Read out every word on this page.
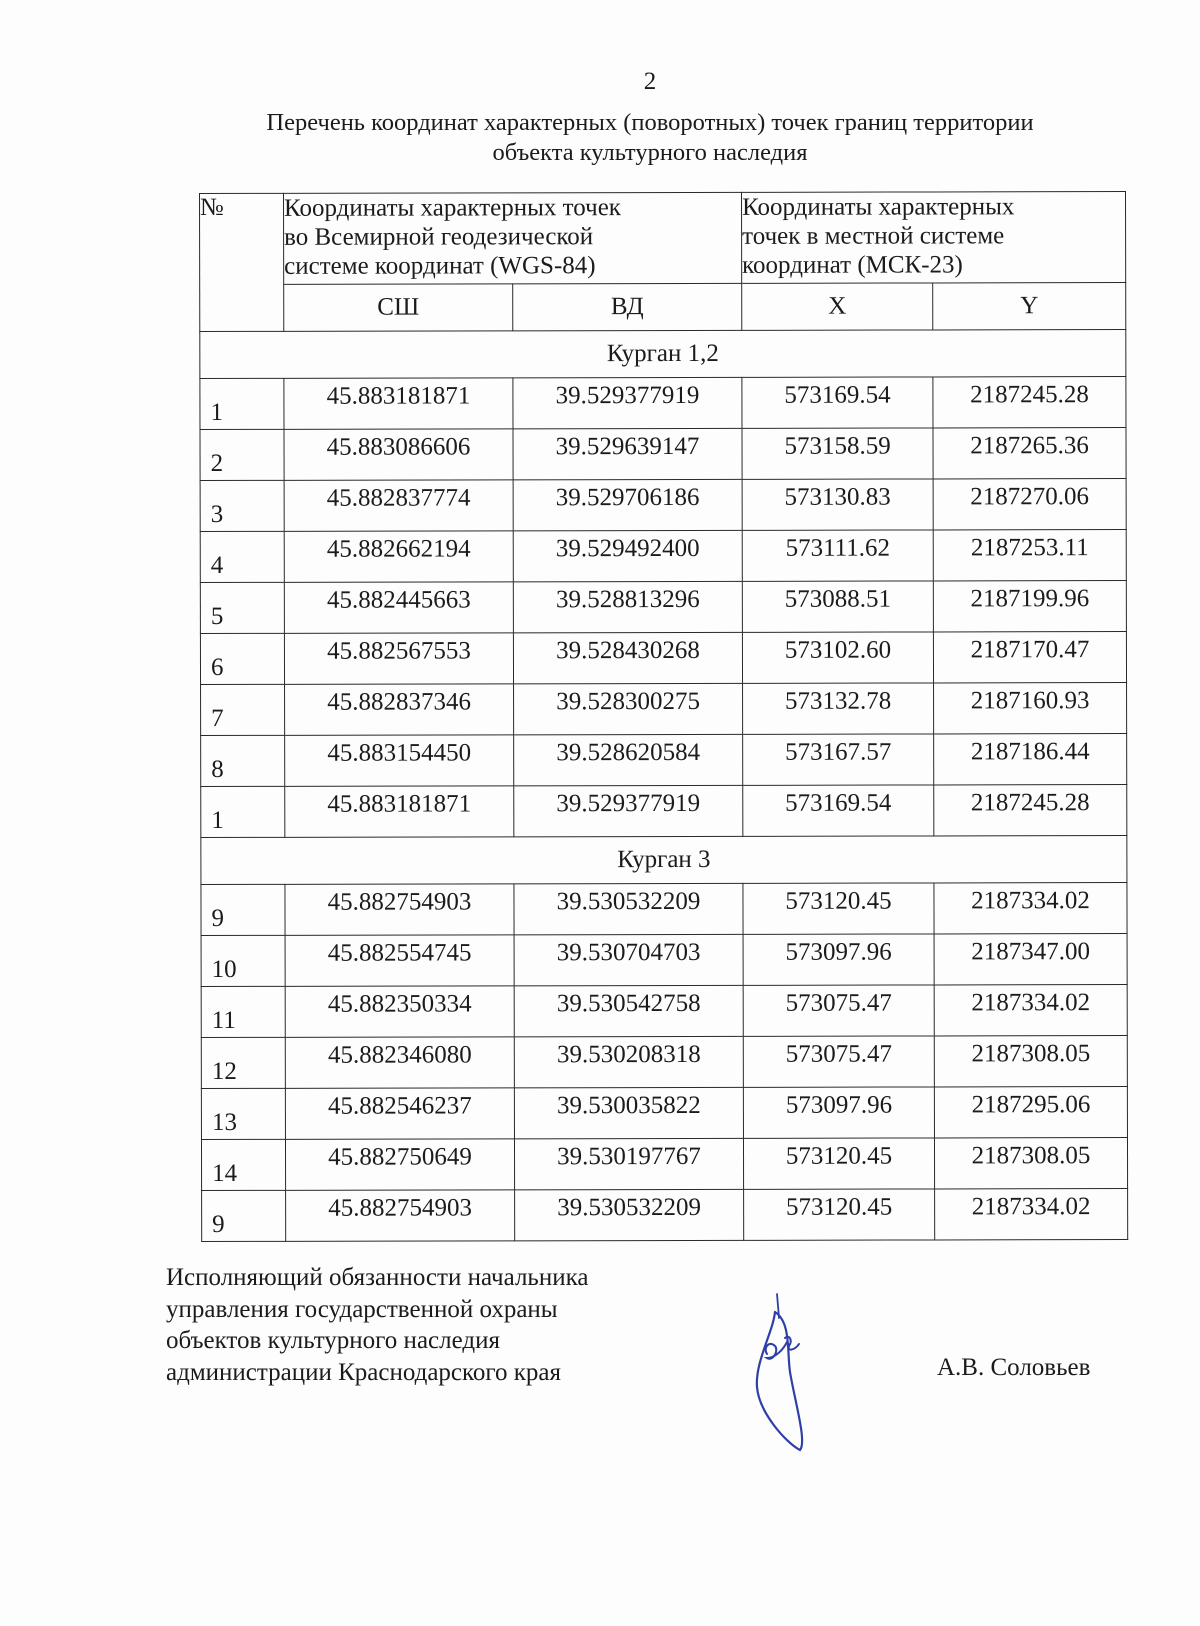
2
Перечень координат характерных (поворотных) точек границ территории
объекта культурного наследия
№	Координаты характерных точек
во Всемирной геодезической
системе координат (WGS-84)		Координаты характерных
точек в местной системе
координат (МСК-23)	

	СШ	ВД	X	Y
Курган 1,2				
1	45.883181871	39.529377919	573169.54	2187245.28
2	45.883086606	39.529639147	573158.59	2187265.36
3	45.882837774	39.529706186	573130.83	2187270.06
4	45.882662194	39.529492400	573111.62	2187253.11
5	45.882445663	39.528813296	573088.51	2187199.96
6	45.882567553	39.528430268	573102.60	2187170.47
7	45.882837346	39.528300275	573132.78	2187160.93
8	45.883154450	39.528620584	573167.57	2187186.44
1	45.883181871	39.529377919	573169.54	2187245.28
Курган 3				
9	45.882754903	39.530532209	573120.45	2187334.02
10	45.882554745	39.530704703	573097.96	2187347.00
11	45.882350334	39.530542758	573075.47	2187334.02
12	45.882346080	39.530208318	573075.47	2187308.05
13	45.882546237	39.530035822	573097.96	2187295.06
14	45.882750649	39.530197767	573120.45	2187308.05
9	45.882754903	39.530532209	573120.45	2187334.02
Исполняющий обязанности начальника
управления государственной охраны
объектов культурного наследия
администрации Краснодарского края	А.В. Соловьев
